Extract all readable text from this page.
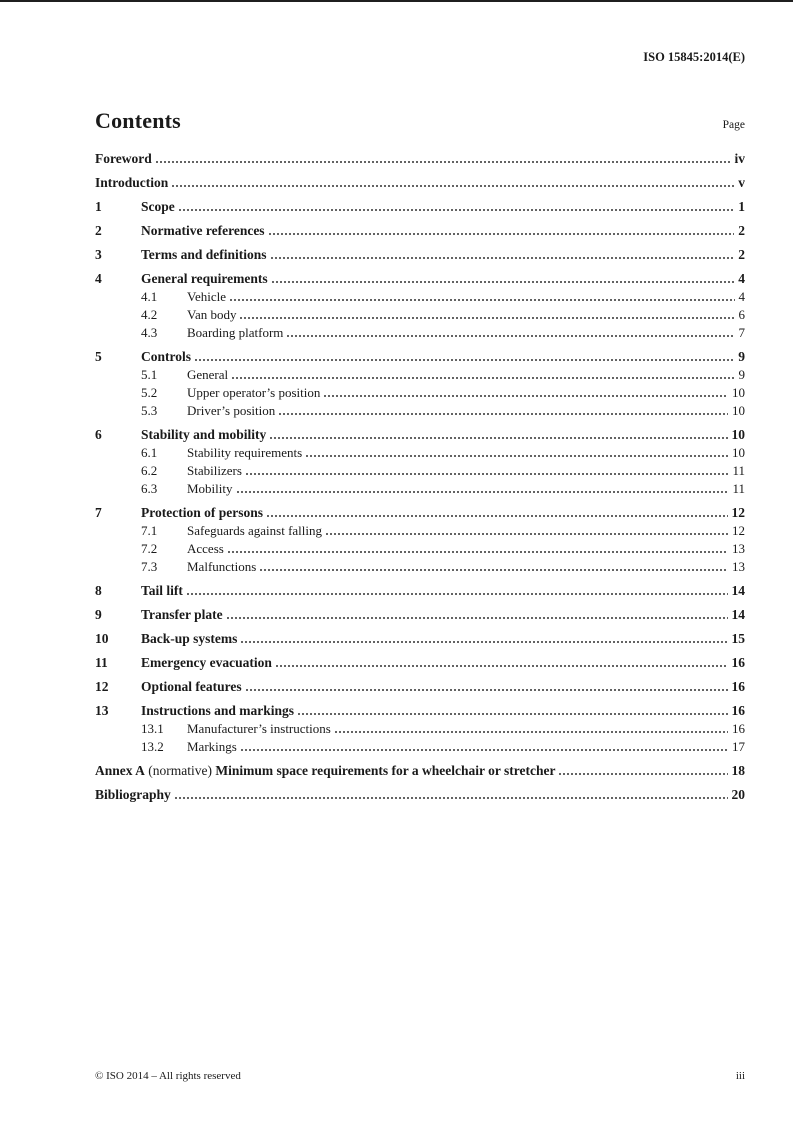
ISO 15845:2014(E)
Contents	Page
Foreword	iv
Introduction	v
1	Scope	1
2	Normative references	2
3	Terms and definitions	2
4	General requirements	4
4.1	Vehicle	4
4.2	Van body	6
4.3	Boarding platform	7
5	Controls	9
5.1	General	9
5.2	Upper operator’s position	10
5.3	Driver’s position	10
6	Stability and mobility	10
6.1	Stability requirements	10
6.2	Stabilizers	11
6.3	Mobility	11
7	Protection of persons	12
7.1	Safeguards against falling	12
7.2	Access	13
7.3	Malfunctions	13
8	Tail lift	14
9	Transfer plate	14
10	Back-up systems	15
11	Emergency evacuation	16
12	Optional features	16
13	Instructions and markings	16
13.1	Manufacturer’s instructions	16
13.2	Markings	17
Annex A (normative) Minimum space requirements for a wheelchair or stretcher	18
Bibliography	20
© ISO 2014 – All rights reserved	iii
